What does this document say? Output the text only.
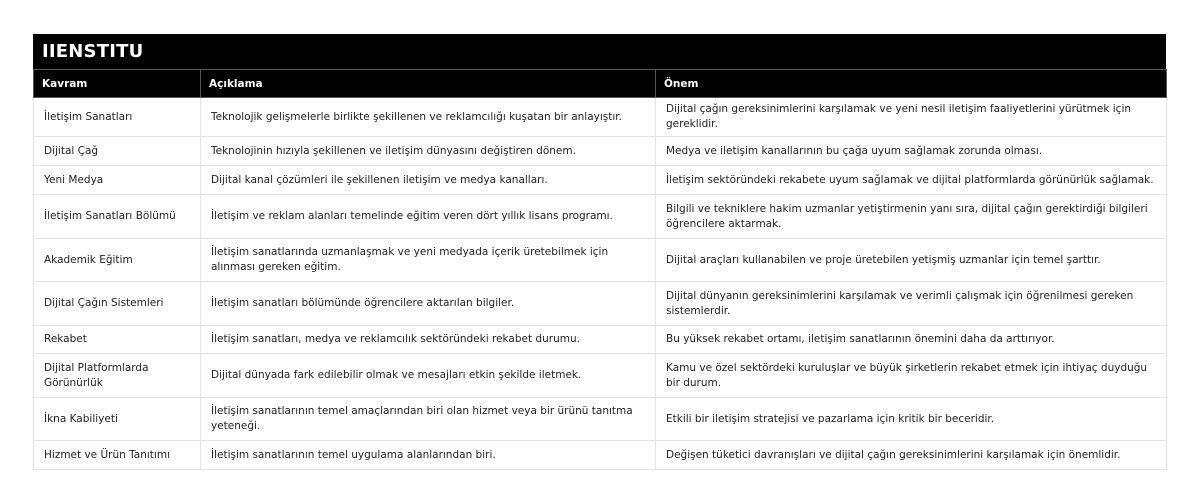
IIENSTITU
Kavram	Açıklama	Önem
İletişim Sanatları	Teknolojik gelişmelerle birlikte şekillenen ve reklamcılığı kuşatan bir anlayıştır.	Dijital çağın gereksinimlerini karşılamak ve yeni nesil iletişim faaliyetlerini yürütmek için gereklidir.
Dijital Çağ	Teknolojinin hızıyla şekillenen ve iletişim dünyasını değiştiren dönem.	Medya ve iletişim kanallarının bu çağa uyum sağlamak zorunda olması.
Yeni Medya	Dijital kanal çözümleri ile şekillenen iletişim ve medya kanalları.	İletişim sektöründeki rekabete uyum sağlamak ve dijital platformlarda görünürlük sağlamak.
İletişim Sanatları Bölümü	İletişim ve reklam alanları temelinde eğitim veren dört yıllık lisans programı.	Bilgili ve tekniklere hakim uzmanlar yetiştirmenin yanı sıra, dijital çağın gerektirdiği bilgileri öğrencilere aktarmak.
Akademik Eğitim	İletişim sanatlarında uzmanlaşmak ve yeni medyada içerik üretebilmek için alınması gereken eğitim.	Dijital araçları kullanabilen ve proje üretebilen yetişmiş uzmanlar için temel şarttır.
Dijital Çağın Sistemleri	İletişim sanatları bölümünde öğrencilere aktarılan bilgiler.	Dijital dünyanın gereksinimlerini karşılamak ve verimli çalışmak için öğrenilmesi gereken sistemlerdir.
Rekabet	İletişim sanatları, medya ve reklamcılık sektöründeki rekabet durumu.	Bu yüksek rekabet ortamı, iletişim sanatlarının önemini daha da arttırıyor.
Dijital Platformlarda Görünürlük	Dijital dünyada fark edilebilir olmak ve mesajları etkin şekilde iletmek.	Kamu ve özel sektördeki kuruluşlar ve büyük şirketlerin rekabet etmek için ihtiyaç duyduğu bir durum.
İkna Kabiliyeti	İletişim sanatlarının temel amaçlarından biri olan hizmet veya bir ürünü tanıtma yeteneği.	Etkili bir iletişim stratejisi ve pazarlama için kritik bir beceridir.
Hizmet ve Ürün Tanıtımı	İletişim sanatlarının temel uygulama alanlarından biri.	Değişen tüketici davranışları ve dijital çağın gereksinimlerini karşılamak için önemlidir.
